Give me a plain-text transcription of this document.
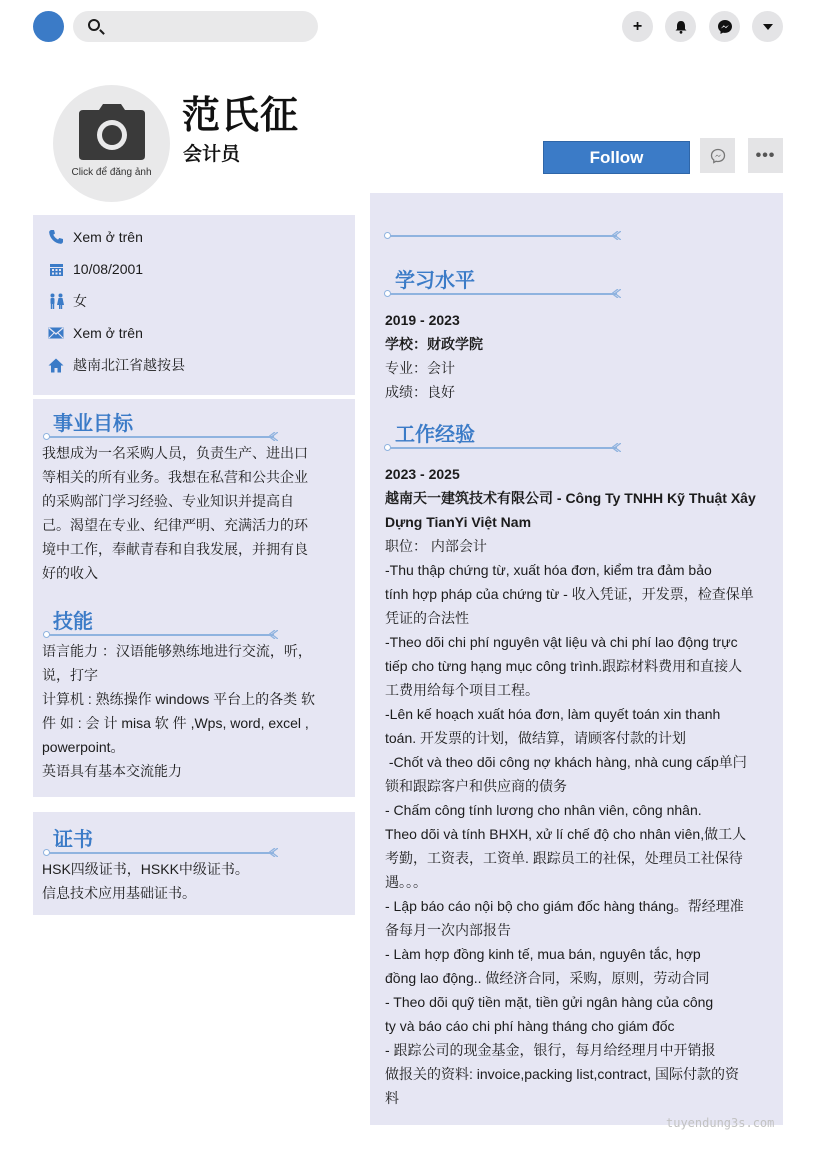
+
Click để đăng ảnh
范氏征
会计员	Follow	•••
Xem ở trên
10/08/2001
女
Xem ở trên
越南北江省越按县
事业目标
我想成为一名采购人员，负责生产、进出口
等相关的所有业务。我想在私营和公共企业
的采购部门学习经验、专业知识并提高自
己。渴望在专业、纪律严明、充满活力的环
境中工作，奉献青春和自我发展，并拥有良
好的收入
技能
语言能力 ：汉语能够熟练地进行交流，听，
说，打字
计算机 : 熟练操作 windows 平台上的各类 软
件 如 : 会 计 misa 软 件 ,Wps, word, excel ,
powerpoint。
英语具有基本交流能力
证书
HSK四级证书，HSKK中级证书。
信息技术应用基础证书。
学习水平
2019 - 2023
学校：财政学院
专业：会计
成绩：良好
工作经验
2023 - 2025
越南天一建筑技术有限公司 - Công Ty TNHH Kỹ Thuật Xây
Dựng TianYi Việt Nam
职位： 内部会计
-Thu thập chứng từ, xuất hóa đơn, kiểm tra đảm bảo
tính hợp pháp của chứng từ - 收入凭证，开发票，检查保单
凭证的合法性
-Theo dõi chi phí nguyên vật liệu và chi phí lao động trực
tiếp cho từng hạng mục công trình.跟踪材料费用和直接人
工费用给每个项目工程。
-Lên kế hoạch xuất hóa đơn, làm quyết toán xin thanh
toán. 开发票的计划，做结算，请顾客付款的计划
-Chốt và theo dõi công nợ khách hàng, nhà cung cấp单闩
锁和跟踪客户和供应商的债务
- Chấm công tính lương cho nhân viên, công nhân.
Theo dõi và tính BHXH, xử lí chế độ cho nhân viên,做工人
考勤，工资表，工资单. 跟踪员工的社保，处理员工社保待
遇。。。
- Lập báo cáo nội bộ cho giám đốc hàng tháng。帮经理准
备每月一次内部报告
- Làm hợp đồng kinh tế, mua bán, nguyên tắc, hợp
đồng lao động.. 做经济合同，采购，原则，劳动合同
- Theo dõi quỹ tiền mặt, tiền gửi ngân hàng của công
ty và báo cáo chi phí hàng tháng cho giám đốc
- 跟踪公司的现金基金，银行，每月给经理月中开销报
做报关的资料: invoice,packing list,contract, 国际付款的资
料
tuyendung3s.com
